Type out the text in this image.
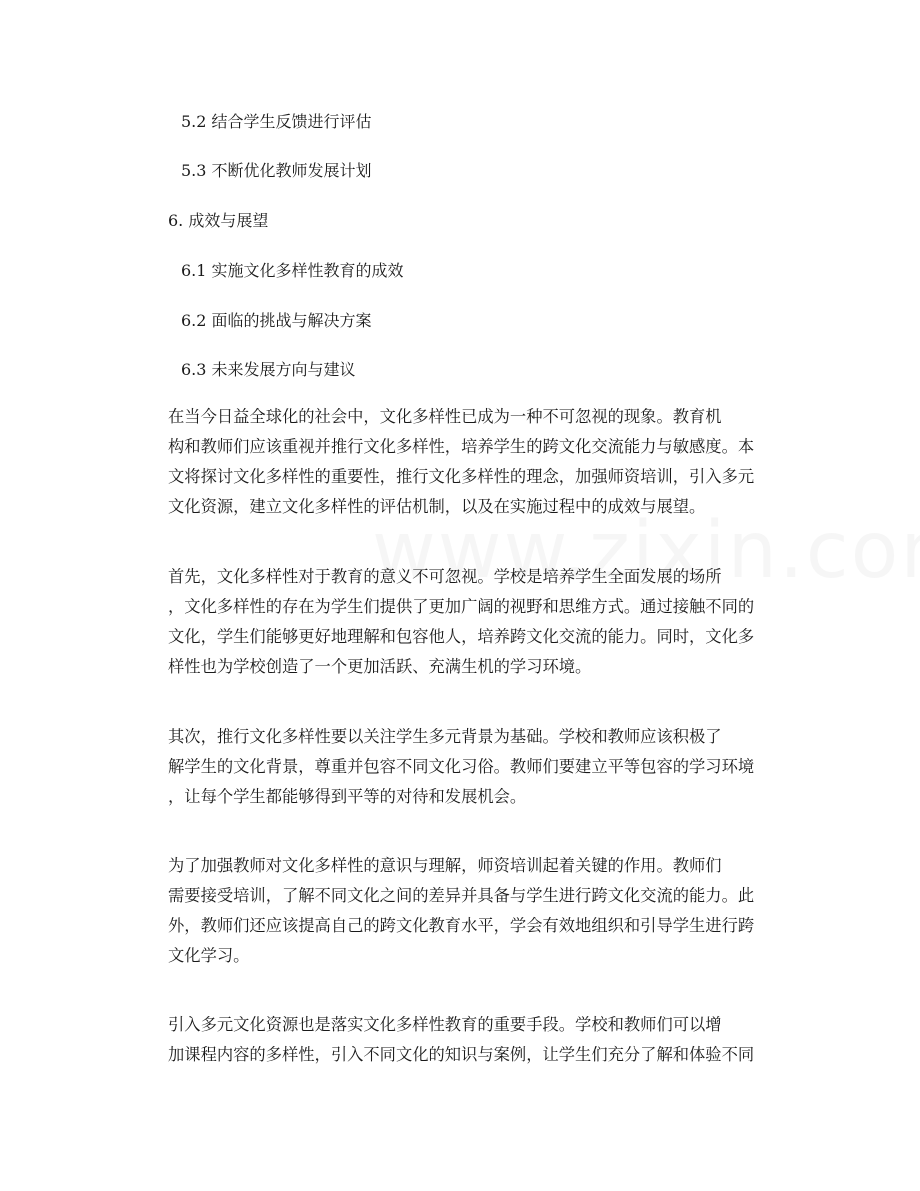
5.2 结合学生反馈进行评估
5.3 不断优化教师发展计划
6. 成效与展望
6.1 实施文化多样性教育的成效
6.2 面临的挑战与解决方案
6.3 未来发展方向与建议
在当今日益全球化的社会中，文化多样性已成为一种不可忽视的现象。教育机
构和教师们应该重视并推行文化多样性，培养学生的跨文化交流能力与敏感度。本
文将探讨文化多样性的重要性，推行文化多样性的理念，加强师资培训，引入多元
文化资源，建立文化多样性的评估机制，以及在实施过程中的成效与展望。
首先，文化多样性对于教育的意义不可忽视。学校是培养学生全面发展的场所
，文化多样性的存在为学生们提供了更加广阔的视野和思维方式。通过接触不同的
文化，学生们能够更好地理解和包容他人，培养跨文化交流的能力。同时，文化多
样性也为学校创造了一个更加活跃、充满生机的学习环境。
其次，推行文化多样性要以关注学生多元背景为基础。学校和教师应该积极了
解学生的文化背景，尊重并包容不同文化习俗。教师们要建立平等包容的学习环境
，让每个学生都能够得到平等的对待和发展机会。
为了加强教师对文化多样性的意识与理解，师资培训起着关键的作用。教师们
需要接受培训，了解不同文化之间的差异并具备与学生进行跨文化交流的能力。此
外，教师们还应该提高自己的跨文化教育水平，学会有效地组织和引导学生进行跨
文化学习。
引入多元文化资源也是落实文化多样性教育的重要手段。学校和教师们可以增
加课程内容的多样性，引入不同文化的知识与案例，让学生们充分了解和体验不同
